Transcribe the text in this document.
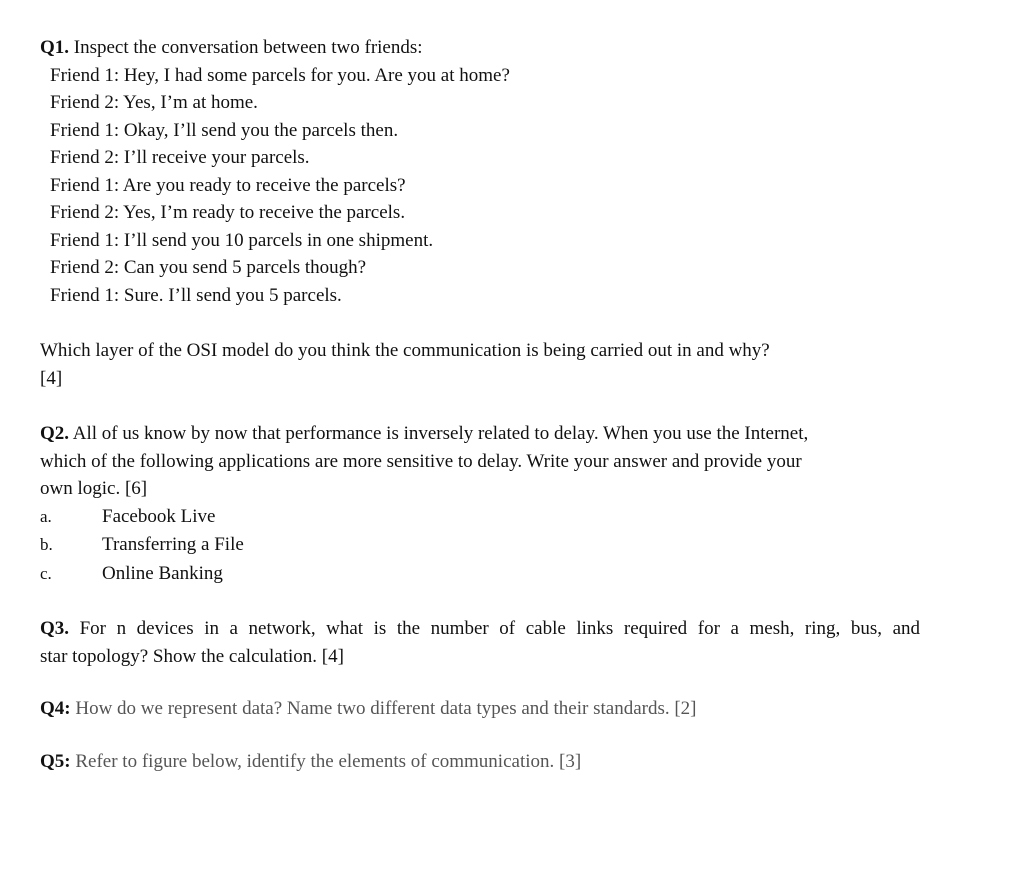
Q1. Inspect the conversation between two friends:
Friend 1: Hey, I had some parcels for you. Are you at home?
Friend 2: Yes, I’m at home.
Friend 1: Okay, I’ll send you the parcels then.
Friend 2: I’ll receive your parcels.
Friend 1: Are you ready to receive the parcels?
Friend 2: Yes, I’m ready to receive the parcels.
Friend 1: I’ll send you 10 parcels in one shipment.
Friend 2: Can you send 5 parcels though?
Friend 1: Sure. I’ll send you 5 parcels.
Which layer of the OSI model do you think the communication is being carried out in and why?
[4]
Q2. All of us know by now that performance is inversely related to delay. When you use the Internet,
which of the following applications are more sensitive to delay. Write your answer and provide your
own logic. [6]
a.	Facebook Live
b.	Transferring a File
c.	Online Banking
Q3. For n devices in a network, what is the number of cable links required for a mesh, ring, bus, and
star topology? Show the calculation. [4]
Q4: How do we represent data? Name two different data types and their standards. [2]
Q5: Refer to figure below, identify the elements of communication. [3]
